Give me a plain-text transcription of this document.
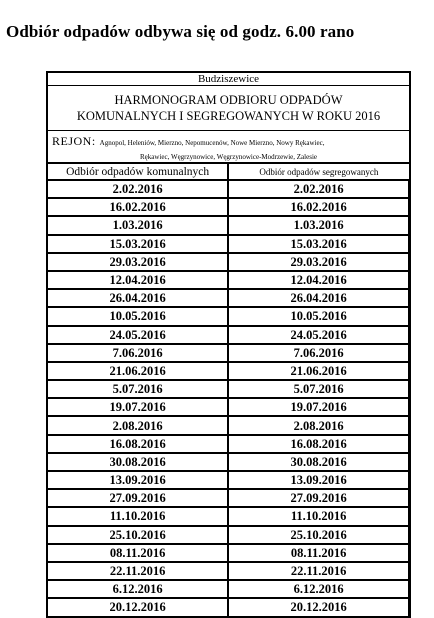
Odbiór odpadów odbywa się od godz. 6.00 rano
Budziszewice
HARMONOGRAM ODBIORU ODPADÓW
KOMUNALNYCH I SEGREGOWANYCH W ROKU 2016
REJON: Agnopol, Heleniów, Mierzno, Nepomucenów, Nowe Mierzno, Nowy Rękawiec,
Rękawiec, Węgrzynowice, Węgrzynowice-Modrzewie, Zalesie
Odbiór odpadów komunalnych	Odbiór odpadów segregowanych
2.02.2016	2.02.2016
16.02.2016	16.02.2016
1.03.2016	1.03.2016
15.03.2016	15.03.2016
29.03.2016	29.03.2016
12.04.2016	12.04.2016
26.04.2016	26.04.2016
10.05.2016	10.05.2016
24.05.2016	24.05.2016
7.06.2016	7.06.2016
21.06.2016	21.06.2016
5.07.2016	5.07.2016
19.07.2016	19.07.2016
2.08.2016	2.08.2016
16.08.2016	16.08.2016
30.08.2016	30.08.2016
13.09.2016	13.09.2016
27.09.2016	27.09.2016
11.10.2016	11.10.2016
25.10.2016	25.10.2016
08.11.2016	08.11.2016
22.11.2016	22.11.2016
6.12.2016	6.12.2016
20.12.2016	20.12.2016
